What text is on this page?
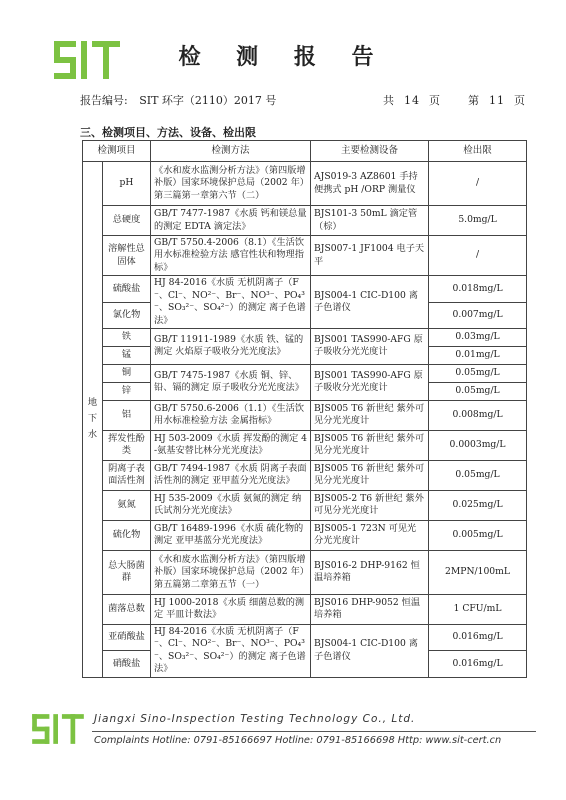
检 测 报 告
报告编号: SIT 环字（2110）2017 号	共  14  页      第  11  页
三、检测项目、方法、设备、检出限
检测项目		检测方法	主要检测设备	检出限

地
下
水	pH	《水和废水监测分析方法》（第四版增补版）国家环境保护总局（2002 年）第三篇第一章第六节（二）	AJS019-3 AZ8601 手持便携式 pH /ORP 测量仪	/
	总硬度	GB/T 7477-1987《水质 钙和镁总量的测定 EDTA 滴定法》	BJS101-3 50mL 滴定管（棕）	5.0mg/L
	溶解性总固体	GB/T 5750.4-2006（8.1）《生活饮用水标准检验方法 感官性状和物理指标》	BJS007-1 JF1004 电子天平	/
	硫酸盐	HJ 84-2016《水质 无机阴离子（F⁻、Cl⁻、NO²⁻、Br⁻、NO³⁻、PO₄³⁻、SO₃²⁻、SO₄²⁻）的测定 离子色谱法》	BJS004-1 CIC-D100 离子色谱仪	0.018mg/L
	氯化物			0.007mg/L
	铁	GB/T 11911-1989《水质 铁、锰的测定 火焰原子吸收分光光度法》	BJS001 TAS990-AFG 原子吸收分光光度计	0.03mg/L
	锰			0.01mg/L
	铜	GB/T 7475-1987《水质 铜、锌、铅、镉的测定 原子吸收分光光度法》	BJS001 TAS990-AFG 原子吸收分光光度计	0.05mg/L
	锌			0.05mg/L
	铝	GB/T 5750.6-2006（1.1）《生活饮用水标准检验方法 金属指标》	BJS005 T6 新世纪 紫外可见分光光度计	0.008mg/L
	挥发性酚类	HJ 503-2009《水质 挥发酚的测定 4-氨基安替比林分光光度法》	BJS005 T6 新世纪 紫外可见分光光度计	0.0003mg/L
	阴离子表面活性剂	GB/T 7494-1987《水质 阴离子表面活性剂的测定 亚甲蓝分光光度法》	BJS005 T6 新世纪 紫外可见分光光度计	0.05mg/L
	氨氮	HJ 535-2009《水质 氨氮的测定 纳氏试剂分光光度法》	BJS005-2 T6 新世纪 紫外可见分光光度计	0.025mg/L
	硫化物	GB/T 16489-1996《水质 硫化物的测定 亚甲基蓝分光光度法》	BJS005-1 723N 可见光分光光度计	0.005mg/L
	总大肠菌群	《水和废水监测分析方法》（第四版增补版）国家环境保护总局（2002 年）第五篇第二章第五节（一）	BJS016-2 DHP-9162 恒温培养箱	2MPN/100mL
	菌落总数	HJ 1000-2018《水质 细菌总数的测定 平皿计数法》	BJS016 DHP-9052 恒温培养箱	1 CFU/mL
	亚硝酸盐	HJ 84-2016《水质 无机阴离子（F⁻、Cl⁻、NO²⁻、Br⁻、NO³⁻、PO₄³⁻、SO₃²⁻、SO₄²⁻）的测定 离子色谱法》	BJS004-1 CIC-D100 离子色谱仪	0.016mg/L
	硝酸盐			0.016mg/L
Jiangxi Sino-Inspection Testing Technology Co., Ltd.
Complaints Hotline: 0791-85166697 Hotline: 0791-85166698 Http: www.sit-cert.cn
